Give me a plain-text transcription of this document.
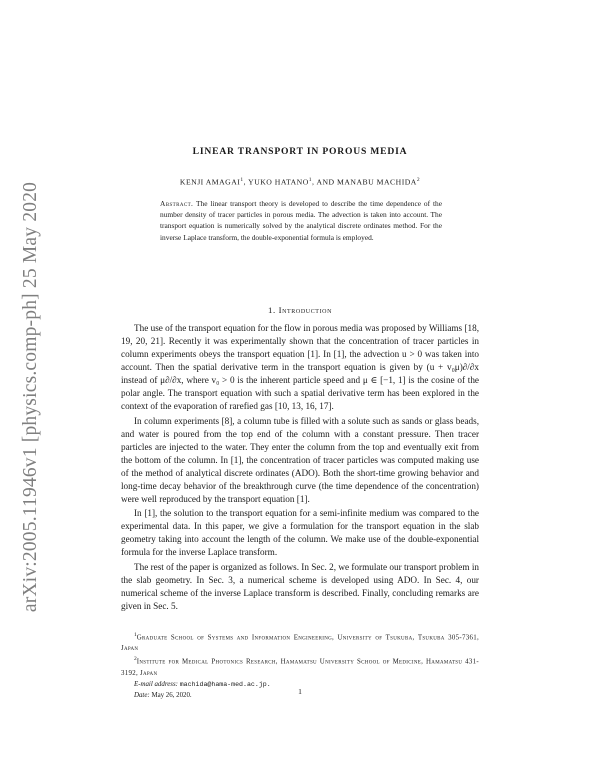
arXiv:2005.11946v1 [physics.comp-ph] 25 May 2020
LINEAR TRANSPORT IN POROUS MEDIA
KENJI AMAGAI$^1$, YUKO HATANO$^1$, AND MANABU MACHIDA$^2$
Abstract. The linear transport theory is developed to describe the time dependence of the number density of tracer particles in porous media. The advection is taken into account. The transport equation is numerically solved by the analytical discrete ordinates method. For the inverse Laplace transform, the double-exponential formula is employed.
1. Introduction

The use of the transport equation for the flow in porous media was proposed by Williams [18, 19, 20, 21]. Recently it was experimentally shown that the concentration of tracer particles in column experiments obeys the transport equation [1]. In [1], the advection u > 0 was taken into account. Then the spatial derivative term in the transport equation is given by (u + v₀μ)∂/∂x instead of μ∂/∂x, where v₀ > 0 is the inherent particle speed and μ ∈ [−1, 1] is the cosine of the polar angle. The transport equation with such a spatial derivative term has been explored in the context of the evaporation of rarefied gas [10, 13, 16, 17].

In column experiments [8], a column tube is filled with a solute such as sands or glass beads, and water is poured from the top end of the column with a constant pressure. Then tracer particles are injected to the water. They enter the column from the top and eventually exit from the bottom of the column. In [1], the concentration of tracer particles was computed making use of the method of analytical discrete ordinates (ADO). Both the short-time growing behavior and long-time decay behavior of the breakthrough curve (the time dependence of the concentration) were well reproduced by the transport equation [1].

In [1], the solution to the transport equation for a semi-infinite medium was compared to the experimental data. In this paper, we give a formulation for the transport equation in the slab geometry taking into account the length of the column. We make use of the double-exponential formula for the inverse Laplace transform.

The rest of the paper is organized as follows. In Sec. 2, we formulate our transport problem in the slab geometry. In Sec. 3, a numerical scheme is developed using ADO. In Sec. 4, our numerical scheme of the inverse Laplace transform is described. Finally, concluding remarks are given in Sec. 5.

$^1$Graduate School of Systems and Information Engineering, University of Tsukuba, Tsukuba 305-7361, Japan

$^2$Institute for Medical Photonics Research, Hamamatsu University School of Medicine, Hamamatsu 431-3192, Japan

E-mail address: machida@hama-med.ac.jp.

Date: May 26, 2020.	1
